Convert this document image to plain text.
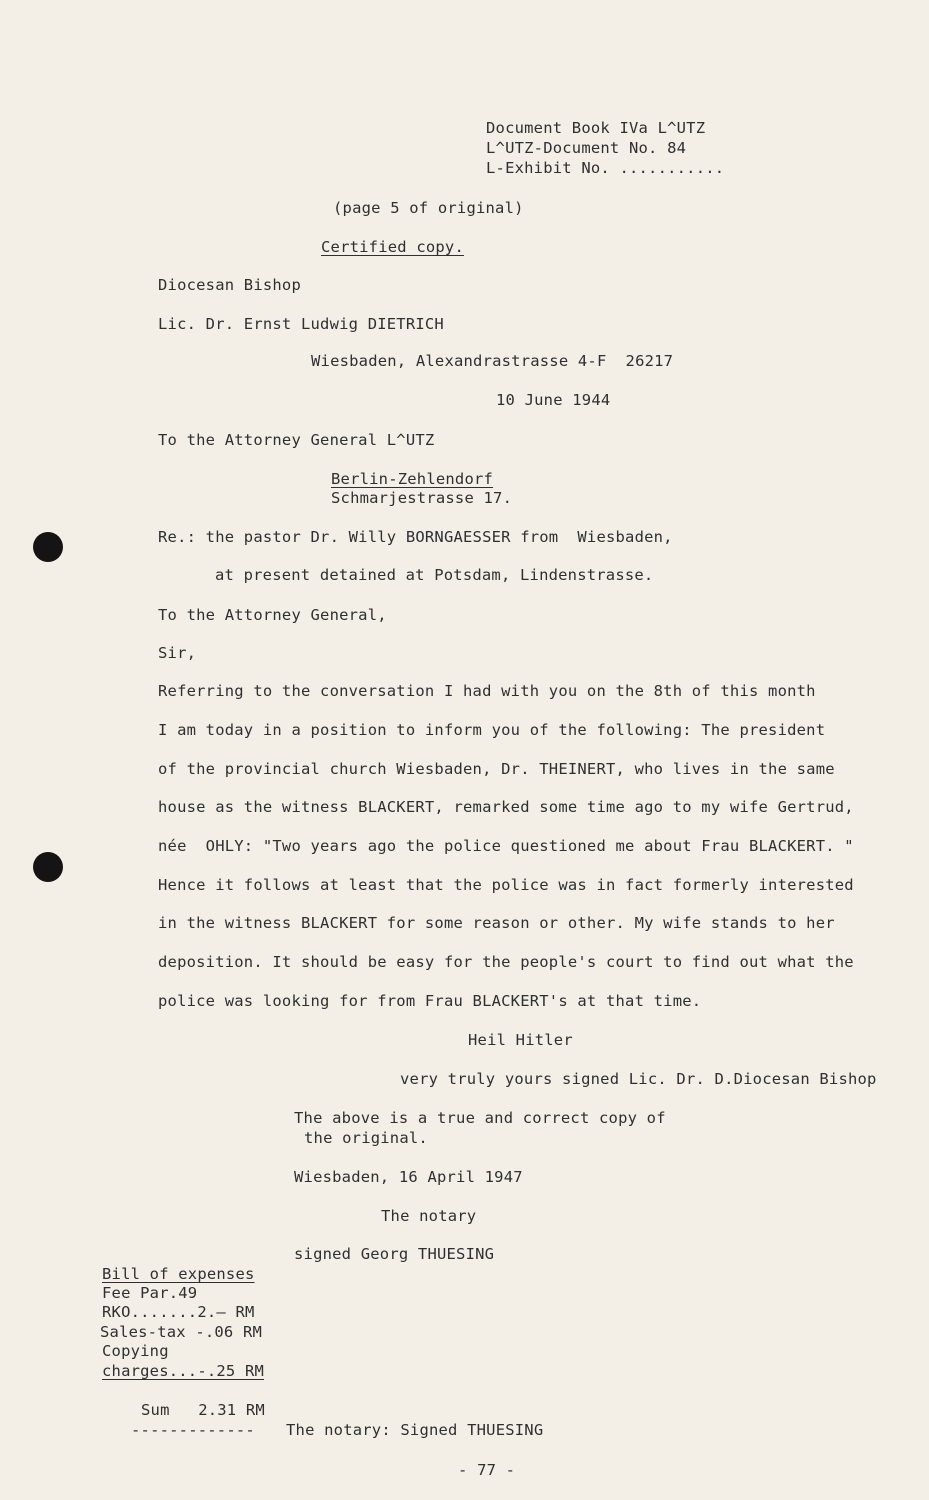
Document Book IVa L^UTZ
L^UTZ-Document No. 84
L-Exhibit No. ...........
(page 5 of original)
Certified copy.
Diocesan Bishop
Lic. Dr. Ernst Ludwig DIETRICH
Wiesbaden, Alexandrastrasse 4-F  26217
10 June 1944
To the Attorney General L^UTZ
Berlin-Zehlendorf
Schmarjestrasse 17.
Re.: the pastor Dr. Willy BORNGAESSER from  Wiesbaden,
at present detained at Potsdam, Lindenstrasse.
To the Attorney General,
Sir,
Referring to the conversation I had with you on the 8th of this month
I am today in a position to inform you of the following: The president
of the provincial church Wiesbaden, Dr. THEINERT, who lives in the same
house as the witness BLACKERT, remarked some time ago to my wife Gertrud,
née  OHLY: "Two years ago the police questioned me about Frau BLACKERT. "
Hence it follows at least that the police was in fact formerly interested
in the witness BLACKERT for some reason or other. My wife stands to her
deposition. It should be easy for the people's court to find out what the
police was looking for from Frau BLACKERT's at that time.
Heil Hitler
very truly yours signed Lic. Dr. D.Diocesan Bishop
The above is a true and correct copy of
the original.
Wiesbaden, 16 April 1947
The notary
signed Georg THUESING
Bill of expenses
Fee Par.49
RKO.......2.— RM
Sales-tax -.06 RM
Copying
charges...-.25 RM
Sum   2.31 RM
------------- The notary: Signed THUESING
- 77 -
